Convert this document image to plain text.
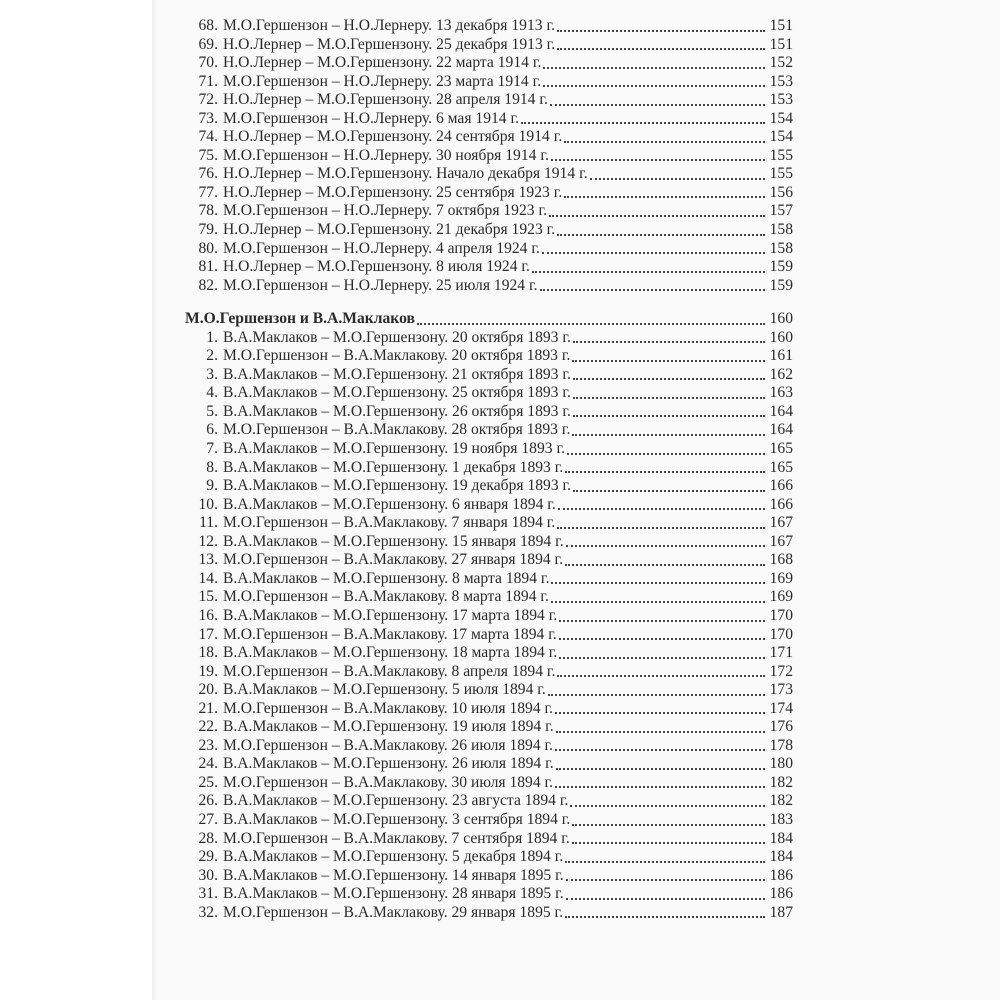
68. М.О.Гершензон – Н.О.Лернеру. 13 декабря 1913 г.	151
69. Н.О.Лернер – М.О.Гершензону. 25 декабря 1913 г.	151
70. Н.О.Лернер – М.О.Гершензону. 22 марта 1914 г.	152
71. М.О.Гершензон – Н.О.Лернеру. 23 марта 1914 г.	153
72. Н.О.Лернер – М.О.Гершензону. 28 апреля 1914 г.	153
73. М.О.Гершензон – Н.О.Лернеру. 6 мая 1914 г.	154
74. Н.О.Лернер – М.О.Гершензону. 24 сентября 1914 г.	154
75. М.О.Гершензон – Н.О.Лернеру. 30 ноября 1914 г.	155
76. Н.О.Лернер – М.О.Гершензону. Начало декабря 1914 г.	155
77. Н.О.Лернер – М.О.Гершензону. 25 сентября 1923 г.	156
78. М.О.Гершензон – Н.О.Лернеру. 7 октября 1923 г.	157
79. Н.О.Лернер – М.О.Гершензону. 21 декабря 1923 г.	158
80. М.О.Гершензон – Н.О.Лернеру. 4 апреля 1924 г.	158
81. Н.О.Лернер – М.О.Гершензону. 8 июля 1924 г.	159
82. М.О.Гершензон – Н.О.Лернеру. 25 июля 1924 г.	159
М.О.Гершензон и В.А.Маклаков	160
1. В.А.Маклаков – М.О.Гершензону. 20 октября 1893 г.	160
2. М.О.Гершензон – В.А.Маклакову. 20 октября 1893 г.	161
3. В.А.Маклаков – М.О.Гершензону. 21 октября 1893 г.	162
4. В.А.Маклаков – М.О.Гершензону. 25 октября 1893 г.	163
5. В.А.Маклаков – М.О.Гершензону. 26 октября 1893 г.	164
6. М.О.Гершензон – В.А.Маклакову. 28 октября 1893 г.	164
7. В.А.Маклаков – М.О.Гершензону. 19 ноября 1893 г.	165
8. В.А.Маклаков – М.О.Гершензону. 1 декабря 1893 г.	165
9. В.А.Маклаков – М.О.Гершензону. 19 декабря 1893 г.	166
10. В.А.Маклаков – М.О.Гершензону. 6 января 1894 г.	166
11. М.О.Гершензон – В.А.Маклакову. 7 января 1894 г.	167
12. В.А.Маклаков – М.О.Гершензону. 15 января 1894 г.	167
13. М.О.Гершензон – В.А.Маклакову. 27 января 1894 г.	168
14. В.А.Маклаков – М.О.Гершензону. 8 марта 1894 г.	169
15. М.О.Гершензон – В.А.Маклакову. 8 марта 1894 г.	169
16. В.А.Маклаков – М.О.Гершензону. 17 марта 1894 г.	170
17. М.О.Гершензон – В.А.Маклакову. 17 марта 1894 г.	170
18. В.А.Маклаков – М.О.Гершензону. 18 марта 1894 г.	171
19. М.О.Гершензон – В.А.Маклакову. 8 апреля 1894 г.	172
20. В.А.Маклаков – М.О.Гершензону. 5 июля 1894 г.	173
21. М.О.Гершензон – В.А.Маклакову. 10 июля 1894 г.	174
22. В.А.Маклаков – М.О.Гершензону. 19 июля 1894 г.	176
23. М.О.Гершензон – В.А.Маклакову. 26 июля 1894 г.	178
24. В.А.Маклаков – М.О.Гершензону. 26 июля 1894 г.	180
25. М.О.Гершензон – В.А.Маклакову. 30 июля 1894 г.	182
26. В.А.Маклаков – М.О.Гершензону. 23 августа 1894 г.	182
27. В.А.Маклаков – М.О.Гершензону. 3 сентября 1894 г.	183
28. М.О.Гершензон – В.А.Маклакову. 7 сентября 1894 г.	184
29. В.А.Маклаков – М.О.Гершензону. 5 декабря 1894 г.	184
30. В.А.Маклаков – М.О.Гершензону. 14 января 1895 г.	186
31. В.А.Маклаков – М.О.Гершензону. 28 января 1895 г.	186
32. М.О.Гершензон – В.А.Маклакову. 29 января 1895 г.	187
